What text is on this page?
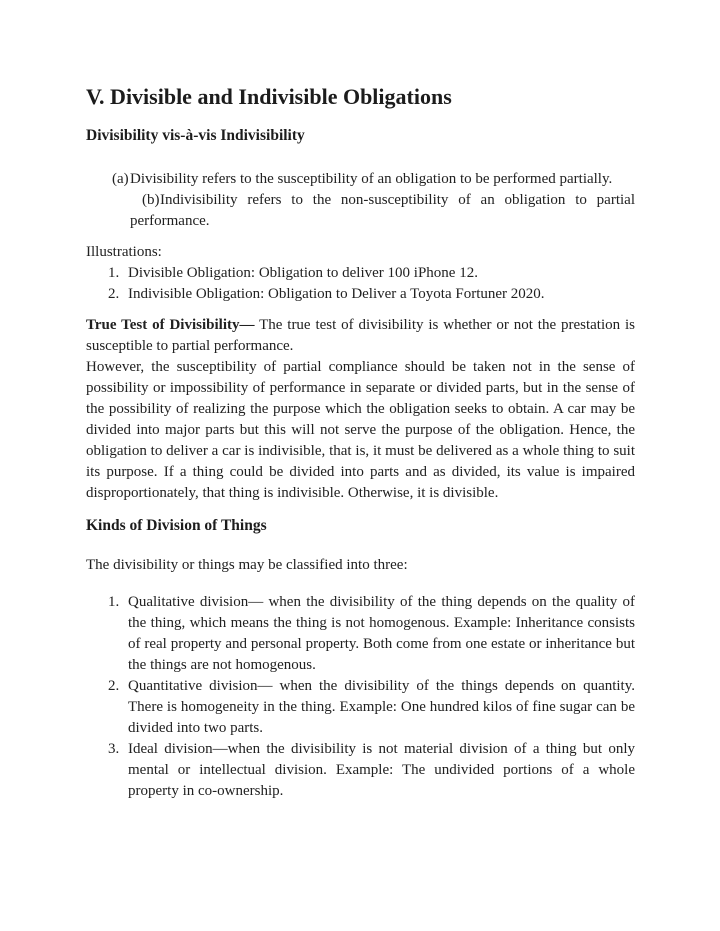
V. Divisible and Indivisible Obligations
Divisibility vis-à-vis Indivisibility
(a) Divisibility refers to the susceptibility of an obligation to be performed partially.
(b) Indivisibility refers to the non-susceptibility of an obligation to partial performance.

Illustrations:

1. Divisible Obligation: Obligation to deliver 100 iPhone 12.
2. Indivisible Obligation: Obligation to Deliver a Toyota Fortuner 2020.

True Test of Divisibility— The true test of divisibility is whether or not the prestation is susceptible to partial performance.

However, the susceptibility of partial compliance should be taken not in the sense of possibility or impossibility of performance in separate or divided parts, but in the sense of the possibility of realizing the purpose which the obligation seeks to obtain. A car may be divided into major parts but this will not serve the purpose of the obligation. Hence, the obligation to deliver a car is indivisible, that is, it must be delivered as a whole thing to suit its purpose. If a thing could be divided into parts and as divided, its value is impaired disproportionately, that thing is indivisible. Otherwise, it is divisible.

Kinds of Division of Things

The divisibility or things may be classified into three:

1. Qualitative division— when the divisibility of the thing depends on the quality of the thing, which means the thing is not homogenous. Example: Inheritance consists of real property and personal property. Both come from one estate or inheritance but the things are not homogenous.
2. Quantitative division— when the divisibility of the things depends on quantity. There is homogeneity in the thing. Example: One hundred kilos of fine sugar can be divided into two parts.
3. Ideal division—when the divisibility is not material division of a thing but only mental or intellectual division. Example: The undivided portions of a whole property in co-ownership.
